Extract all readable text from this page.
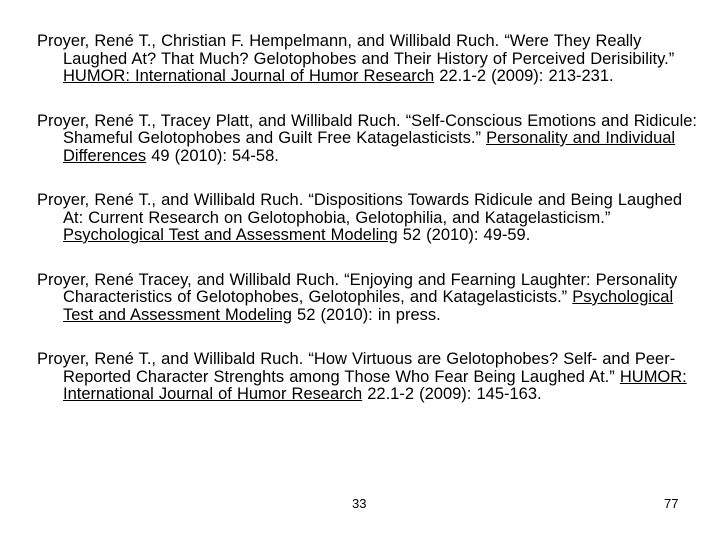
Proyer, René T., Christian F. Hempelmann, and Willibald Ruch. “Were They Really Laughed At? That Much? Gelotophobes and Their History of Perceived Derisibility.” HUMOR: International Journal of Humor Research 22.1-2 (2009): 213-231.

Proyer, René T., Tracey Platt, and Willibald Ruch. “Self-Conscious Emotions and Ridicule: Shameful Gelotophobes and Guilt Free Katagelasticists.” Personality and Individual Differences 49 (2010): 54-58.

Proyer, René T., and Willibald Ruch. “Dispositions Towards Ridicule and Being Laughed At: Current Research on Gelotophobia, Gelotophilia, and Katagelasticism.” Psychological Test and Assessment Modeling 52 (2010): 49-59.

Proyer, René Tracey, and Willibald Ruch. “Enjoying and Fearning Laughter: Personality Characteristics of Gelotophobes, Gelotophiles, and Katagelasticists.” Psychological Test and Assessment Modeling 52 (2010): in press.

Proyer, René T., and Willibald Ruch. “How Virtuous are Gelotophobes? Self- and Peer-Reported Character Strenghts among Those Who Fear Being Laughed At.” HUMOR: International Journal of Humor Research 22.1-2 (2009): 145-163.

33	77
